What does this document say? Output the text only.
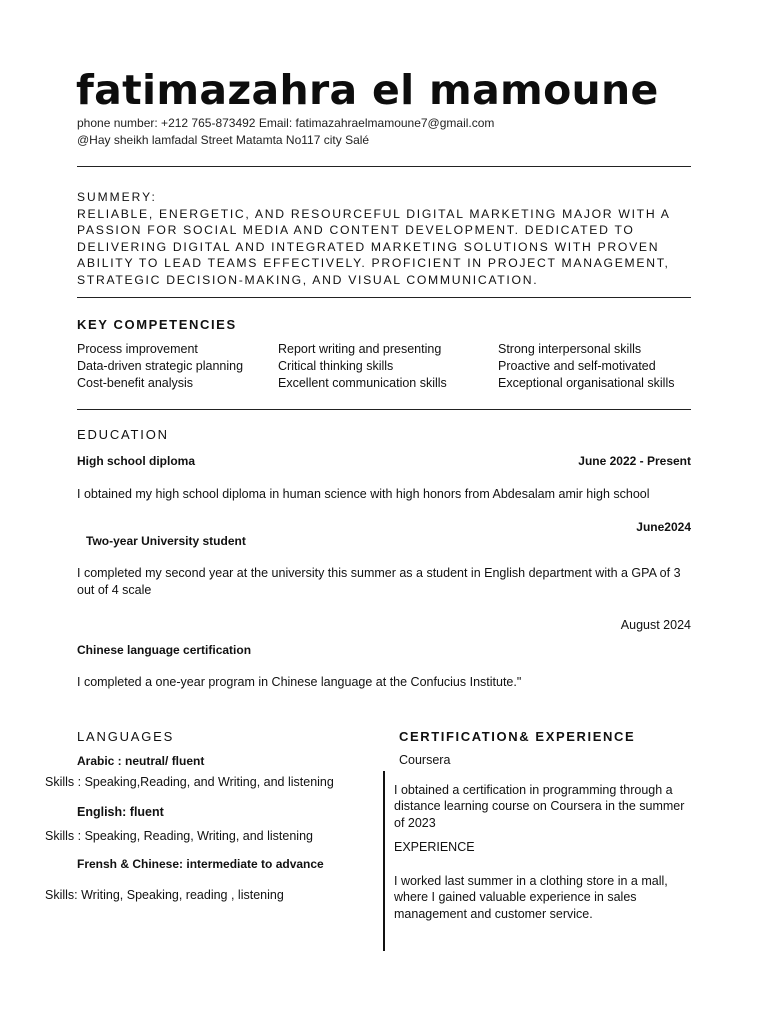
fatimazahra el mamoune
phone number: +212 765-873492 Email: fatimazahraelmamoune7@gmail.com
@Hay sheikh lamfadal Street Matamta No117 city Salé
SUMMERY:
RELIABLE, ENERGETIC, AND RESOURCEFUL DIGITAL MARKETING MAJOR WITH A PASSION FOR SOCIAL MEDIA AND CONTENT DEVELOPMENT. DEDICATED TO DELIVERING DIGITAL AND INTEGRATED MARKETING SOLUTIONS WITH PROVEN ABILITY TO LEAD TEAMS EFFECTIVELY. PROFICIENT IN PROJECT MANAGEMENT, STRATEGIC DECISION-MAKING, AND VISUAL COMMUNICATION.
KEY COMPETENCIES
Process improvement
Data-driven strategic planning
Cost-benefit analysis
Report writing and presenting
Critical thinking skills
Excellent communication skills
Strong interpersonal skills
Proactive and self-motivated
Exceptional organisational skills
EDUCATION
High school diploma	June 2022 - Present
I obtained my high school diploma in human science with high honors from Abdesalam amir high school
June2024
Two-year University student
I completed my second year at the university this summer as a student in English department with a GPA of 3 out of 4 scale
August 2024
Chinese language certification
I completed a one-year program in Chinese language at the Confucius Institute."
LANGUAGES
Arabic : neutral/ fluent
Skills : Speaking,Reading, and Writing, and listening
English: fluent
Skills : Speaking, Reading, Writing, and listening
Frensh & Chinese: intermediate to advance
Skills: Writing, Speaking, reading , listening
CERTIFICATION& EXPERIENCE
Coursera
I obtained a certification in programming through a distance learning course on Coursera in the summer of 2023
EXPERIENCE
I worked last summer in a clothing store in a mall, where I gained valuable experience in sales management and customer service.
